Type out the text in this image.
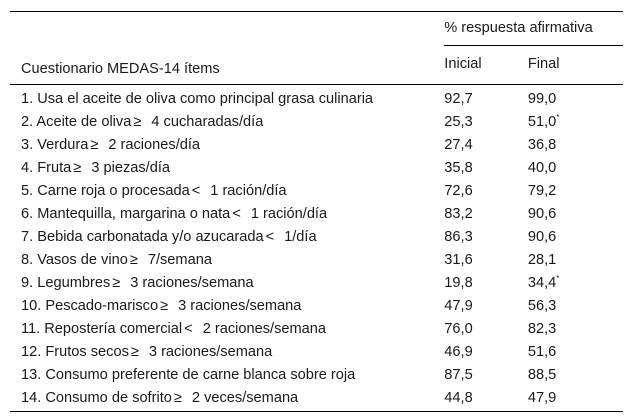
	% respuesta afirmativa	
Cuestionario MEDAS-14 ítems	Inicial	Final
1. Usa el aceite de oliva como principal grasa culinaria	92,7	99,0
2. Aceite de oliva ≥ 4 cucharadas/día	25,3	51,0*
3. Verdura ≥ 2 raciones/día	27,4	36,8
4. Fruta ≥ 3 piezas/día	35,8	40,0
5. Carne roja o procesada < 1 ración/día	72,6	79,2
6. Mantequilla, margarina o nata < 1 ración/día	83,2	90,6
7. Bebida carbonatada y/o azucarada < 1/día	86,3	90,6
8. Vasos de vino ≥ 7/semana	31,6	28,1
9. Legumbres ≥ 3 raciones/semana	19,8	34,4*
10. Pescado-marisco ≥ 3 raciones/semana	47,9	56,3
11. Repostería comercial < 2 raciones/semana	76,0	82,3
12. Frutos secos ≥ 3 raciones/semana	46,9	51,6
13. Consumo preferente de carne blanca sobre roja	87,5	88,5
14. Consumo de sofrito ≥ 2 veces/semana	44,8	47,9
